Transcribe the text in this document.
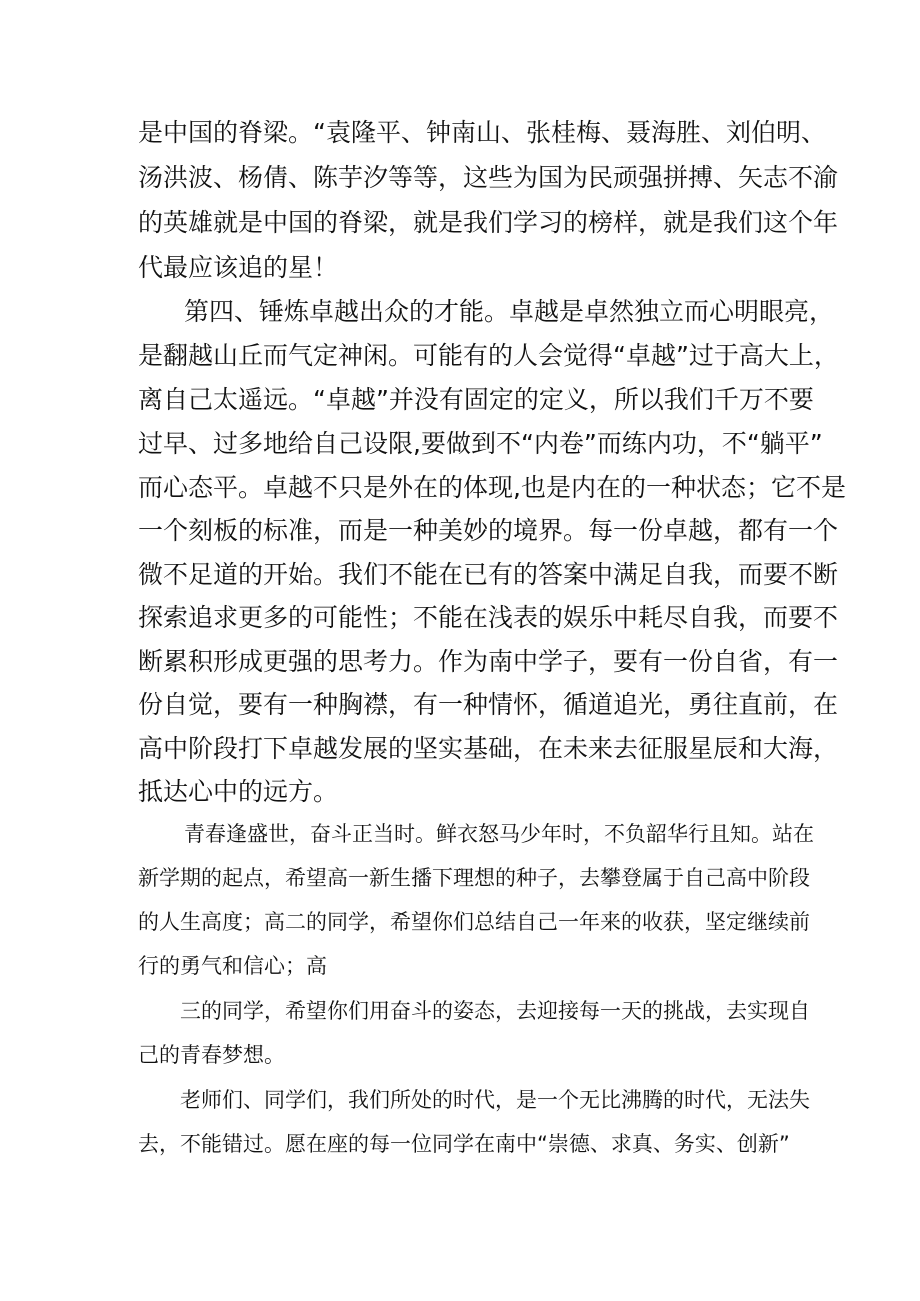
是中国的脊梁。“袁隆平、钟南山、张桂梅、聂海胜、刘伯明、

汤洪波、杨倩、陈芋汐等等，这些为国为民顽强拼搏、矢志不渝

的英雄就是中国的脊梁，就是我们学习的榜样，就是我们这个年

代最应该追的星！

第四、锤炼卓越出众的才能。卓越是卓然独立而心明眼亮，

是翻越山丘而气定神闲。可能有的人会觉得“卓越”过于高大上，

离自己太遥远。“卓越”并没有固定的定义，所以我们千万不要

过早、过多地给自己设限,要做到不“内卷”而练内功，不“躺平”

而心态平。卓越不只是外在的体现,也是内在的一种状态；它不是

一个刻板的标准，而是一种美妙的境界。每一份卓越，都有一个

微不足道的开始。我们不能在已有的答案中满足自我，而要不断

探索追求更多的可能性；不能在浅表的娱乐中耗尽自我，而要不

断累积形成更强的思考力。作为南中学子，要有一份自省，有一

份自觉，要有一种胸襟，有一种情怀，循道追光，勇往直前，在

高中阶段打下卓越发展的坚实基础，在未来去征服星辰和大海，

抵达心中的远方。

青春逢盛世，奋斗正当时。鲜衣怒马少年时，不负韶华行且知。站在

新学期的起点，希望高一新生播下理想的种子，去攀登属于自己高中阶段

的人生高度；高二的同学，希望你们总结自己一年来的收获，坚定继续前

行的勇气和信心；高

三的同学，希望你们用奋斗的姿态，去迎接每一天的挑战，去实现自

己的青春梦想。

老师们、同学们，我们所处的时代，是一个无比沸腾的时代，无法失

去，不能错过。愿在座的每一位同学在南中“崇德、求真、务实、创新”
